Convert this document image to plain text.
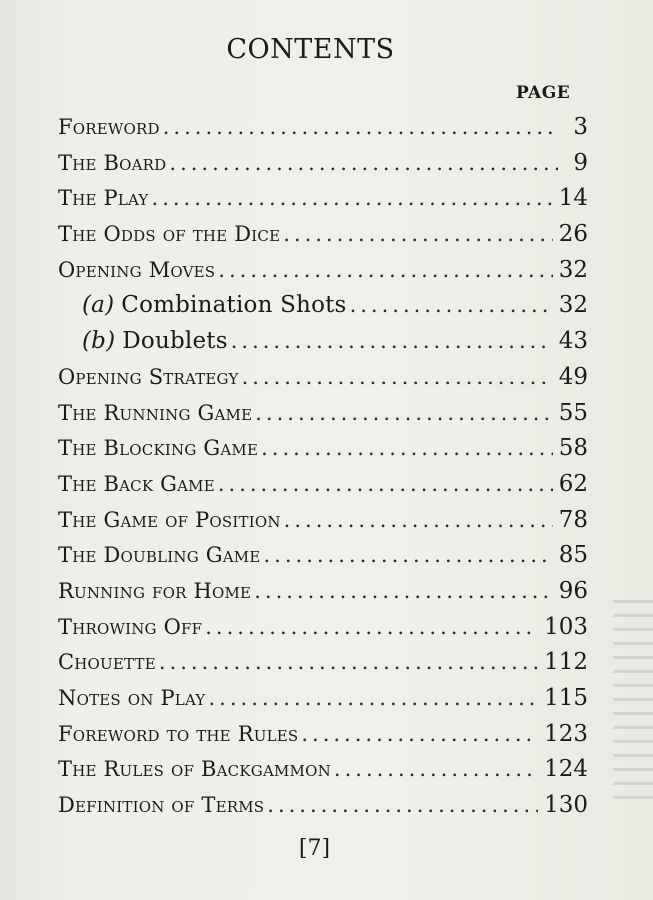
CONTENTS
PAGE
Foreword .....	3
The Board .....	9
The Play .....	14
The Odds of the Dice .....	26
Opening Moves .....	32
(a) Combination Shots .....	32
(b) Doublets .....	43
Opening Strategy .....	49
The Running Game .....	55
The Blocking Game .....	58
The Back Game .....	62
The Game of Position .....	78
The Doubling Game .....	85
Running for Home .....	96
Throwing Off .....	103
Chouette .....	112
Notes on Play .....	115
Foreword to the Rules .....	123
The Rules of Backgammon .....	124
Definition of Terms .....	130
[7]
